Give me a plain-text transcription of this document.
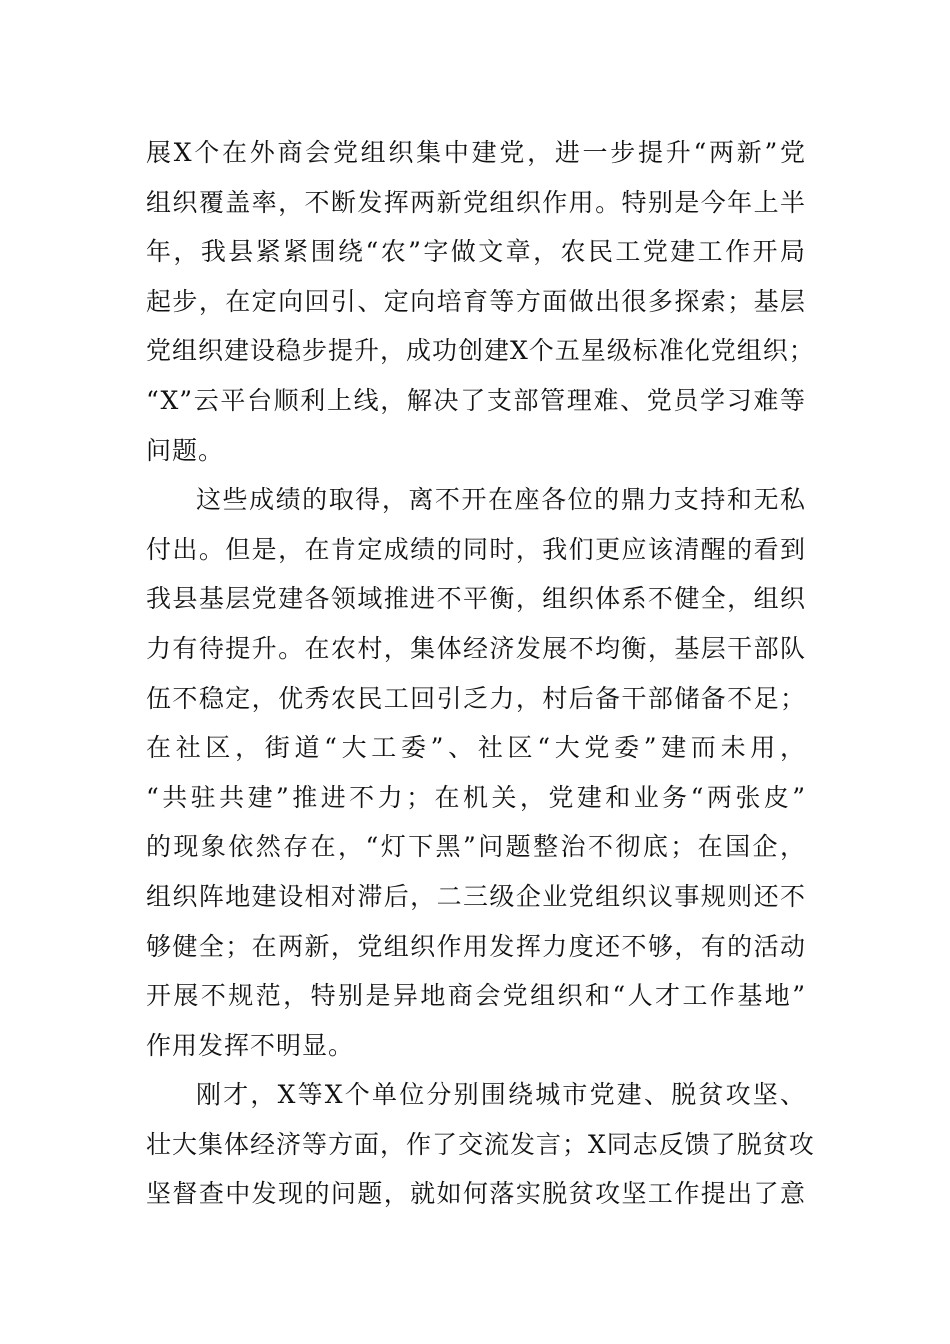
展X个在外商会党组织集中建党，进一步提升“两新”党
组织覆盖率，不断发挥两新党组织作用。特别是今年上半
年，我县紧紧围绕“农”字做文章，农民工党建工作开局
起步，在定向回引、定向培育等方面做出很多探索；基层
党组织建设稳步提升，成功创建X个五星级标准化党组织；
“X”云平台顺利上线，解决了支部管理难、党员学习难等
问题。
这些成绩的取得，离不开在座各位的鼎力支持和无私
付出。但是，在肯定成绩的同时，我们更应该清醒的看到
我县基层党建各领域推进不平衡，组织体系不健全，组织
力有待提升。在农村，集体经济发展不均衡，基层干部队
伍不稳定，优秀农民工回引乏力，村后备干部储备不足；
在社区，街道“大工委”、社区“大党委”建而未用，
“共驻共建”推进不力；在机关，党建和业务“两张皮”
的现象依然存在，“灯下黑”问题整治不彻底；在国企，
组织阵地建设相对滞后，二三级企业党组织议事规则还不
够健全；在两新，党组织作用发挥力度还不够，有的活动
开展不规范，特别是异地商会党组织和“人才工作基地”
作用发挥不明显。
刚才，X等X个单位分别围绕城市党建、脱贫攻坚、
壮大集体经济等方面，作了交流发言；X同志反馈了脱贫攻
坚督查中发现的问题，就如何落实脱贫攻坚工作提出了意
